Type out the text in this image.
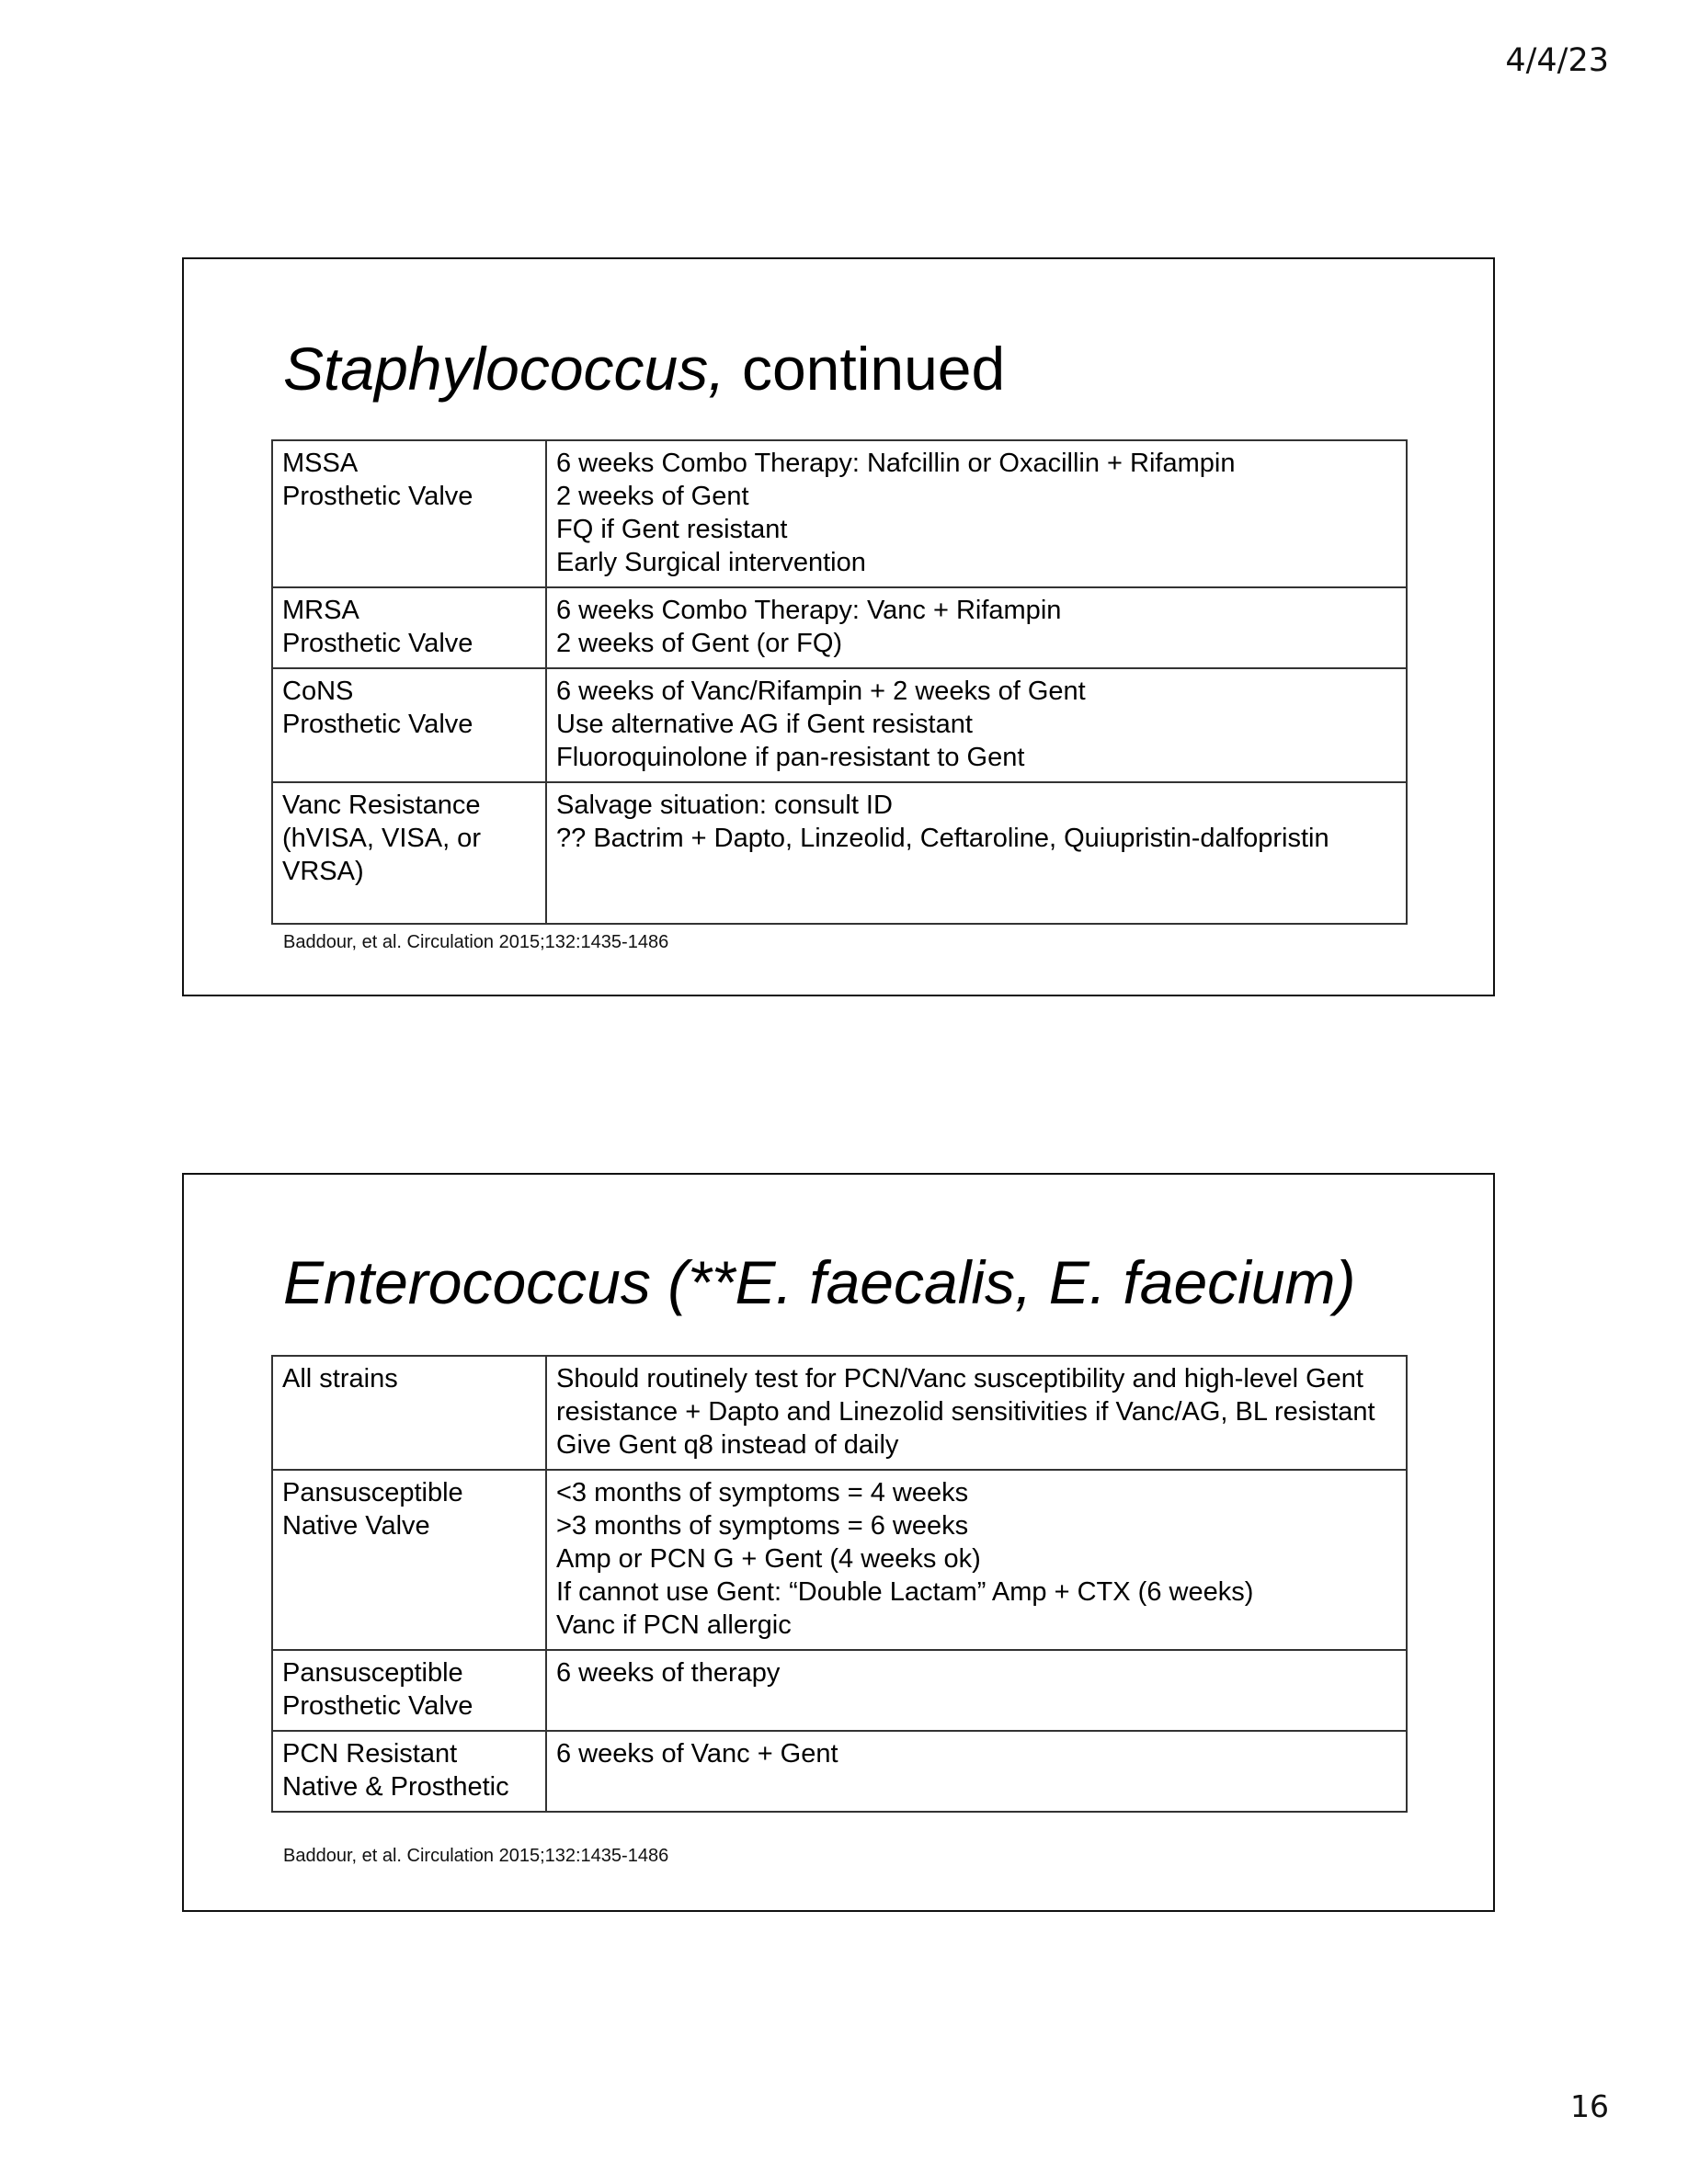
4/4/23
Staphylococcus, continued
MSSA
Prosthetic Valve	6 weeks Combo Therapy: Nafcillin or Oxacillin + Rifampin
2 weeks of Gent
FQ if Gent resistant
Early Surgical intervention

MRSA
Prosthetic Valve	6 weeks Combo Therapy: Vanc + Rifampin
2 weeks of Gent (or FQ)

CoNS
Prosthetic Valve	6 weeks of Vanc/Rifampin + 2 weeks of Gent
Use alternative AG if Gent resistant
Fluoroquinolone if pan-resistant to Gent

Vanc Resistance
(hVISA, VISA, or
VRSA)	Salvage situation: consult ID
?? Bactrim + Dapto, Linzeolid, Ceftaroline, Quiupristin-dalfopristin
Baddour, et al. Circulation 2015;132:1435-1486
Enterococcus (**E. faecalis, E. faecium)
All strains	Should routinely test for PCN/Vanc susceptibility and high-level Gent
resistance + Dapto and Linezolid sensitivities if Vanc/AG, BL resistant
Give Gent q8 instead of daily

Pansusceptible
Native Valve	<3 months of symptoms = 4 weeks
>3 months of symptoms = 6 weeks
Amp or PCN G + Gent (4 weeks ok)
If cannot use Gent: “Double Lactam” Amp + CTX (6 weeks)
Vanc if PCN allergic

Pansusceptible
Prosthetic Valve	6 weeks of therapy

PCN Resistant
Native & Prosthetic	6 weeks of Vanc + Gent
Baddour, et al. Circulation 2015;132:1435-1486
16
